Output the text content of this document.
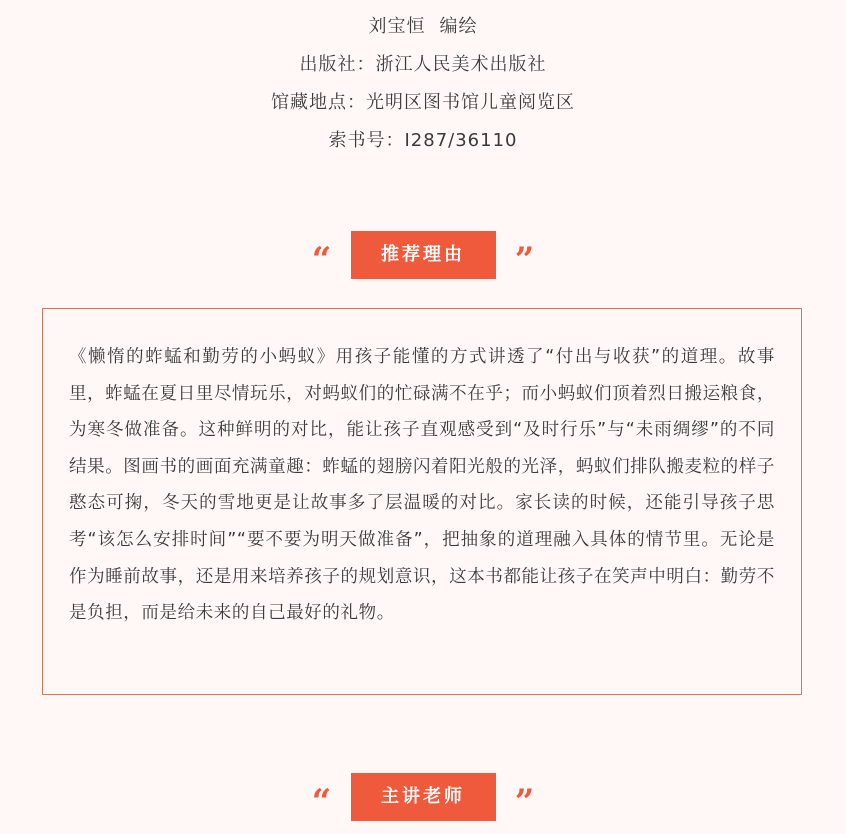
刘宝恒 编绘
出版社：浙江人民美术出版社
馆藏地点：光明区图书馆儿童阅览区
索书号：I287/36110
“	推荐理由	”

《懒惰的蚱蜢和勤劳的小蚂蚁》用孩子能懂的方式讲透了“付出与收获”的道理。故事里，蚱蜢在夏日里尽情玩乐，对蚂蚁们的忙碌满不在乎；而小蚂蚁们顶着烈日搬运粮食，为寒冬做准备。这种鲜明的对比，能让孩子直观感受到“及时行乐”与“未雨绸缪”的不同结果。图画书的画面充满童趣：蚱蜢的翅膀闪着阳光般的光泽，蚂蚁们排队搬麦粒的样子憨态可掬，冬天的雪地更是让故事多了层温暖的对比。家长读的时候，还能引导孩子思考“该怎么安排时间”“要不要为明天做准备”，把抽象的道理融入具体的情节里。无论是作为睡前故事，还是用来培养孩子的规划意识，这本书都能让孩子在笑声中明白：勤劳不是负担，而是给未来的自己最好的礼物。

“	主讲老师	”
